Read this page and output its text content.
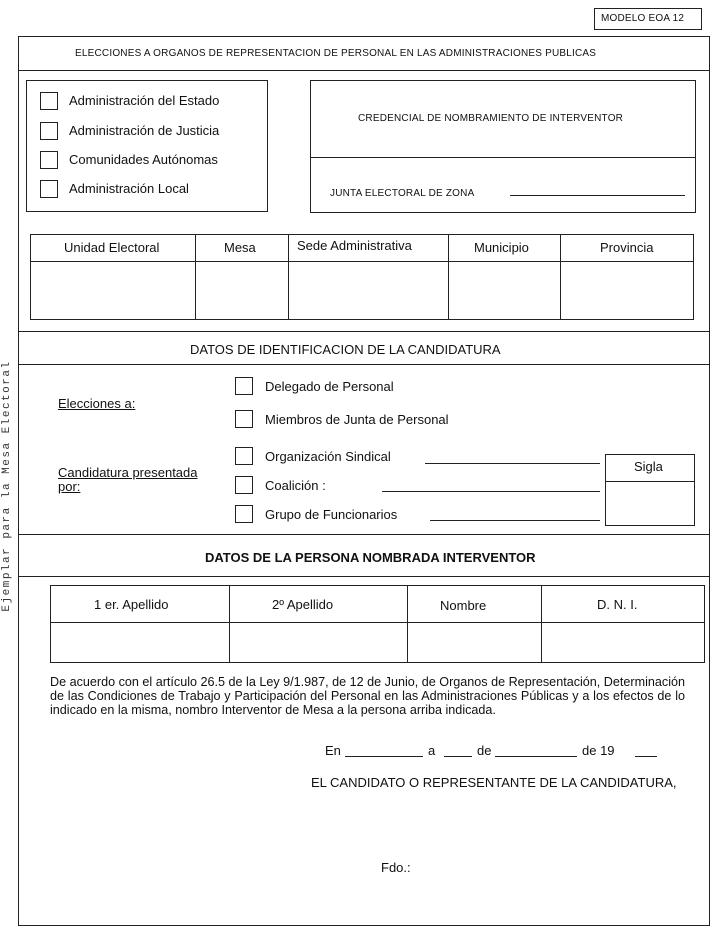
Ejemplar para la Mesa Electoral
MODELO EOA 12
ELECCIONES A ORGANOS DE REPRESENTACION DE PERSONAL EN LAS ADMINISTRACIONES PUBLICAS
Administración del Estado
Administración de Justicia
Comunidades Autónomas
Administración Local
CREDENCIAL DE NOMBRAMIENTO DE INTERVENTOR
JUNTA ELECTORAL DE ZONA
Unidad Electoral	Mesa	Sede Administrativa	Municipio	Provincia
DATOS DE IDENTIFICACION DE LA CANDIDATURA
Elecciones a:
Delegado de Personal
Miembros de Junta de Personal
Candidatura presentada
por:
Organización Sindical
Coalición :
Grupo de Funcionarios
Sigla
DATOS DE LA PERSONA NOMBRADA INTERVENTOR
1 er. Apellido	2º Apellido	Nombre	D. N. I.
De acuerdo con el artículo 26.5 de la Ley 9/1.987, de 12 de Junio, de Organos de Representación, Determinación de las Condiciones de Trabajo y Participación del Personal en las Administraciones Públicas y a los efectos de lo indicado en la misma, nombro Interventor de Mesa a la persona arriba indicada.
En	a	de	de 19
EL CANDIDATO O REPRESENTANTE DE LA CANDIDATURA,
Fdo.:
